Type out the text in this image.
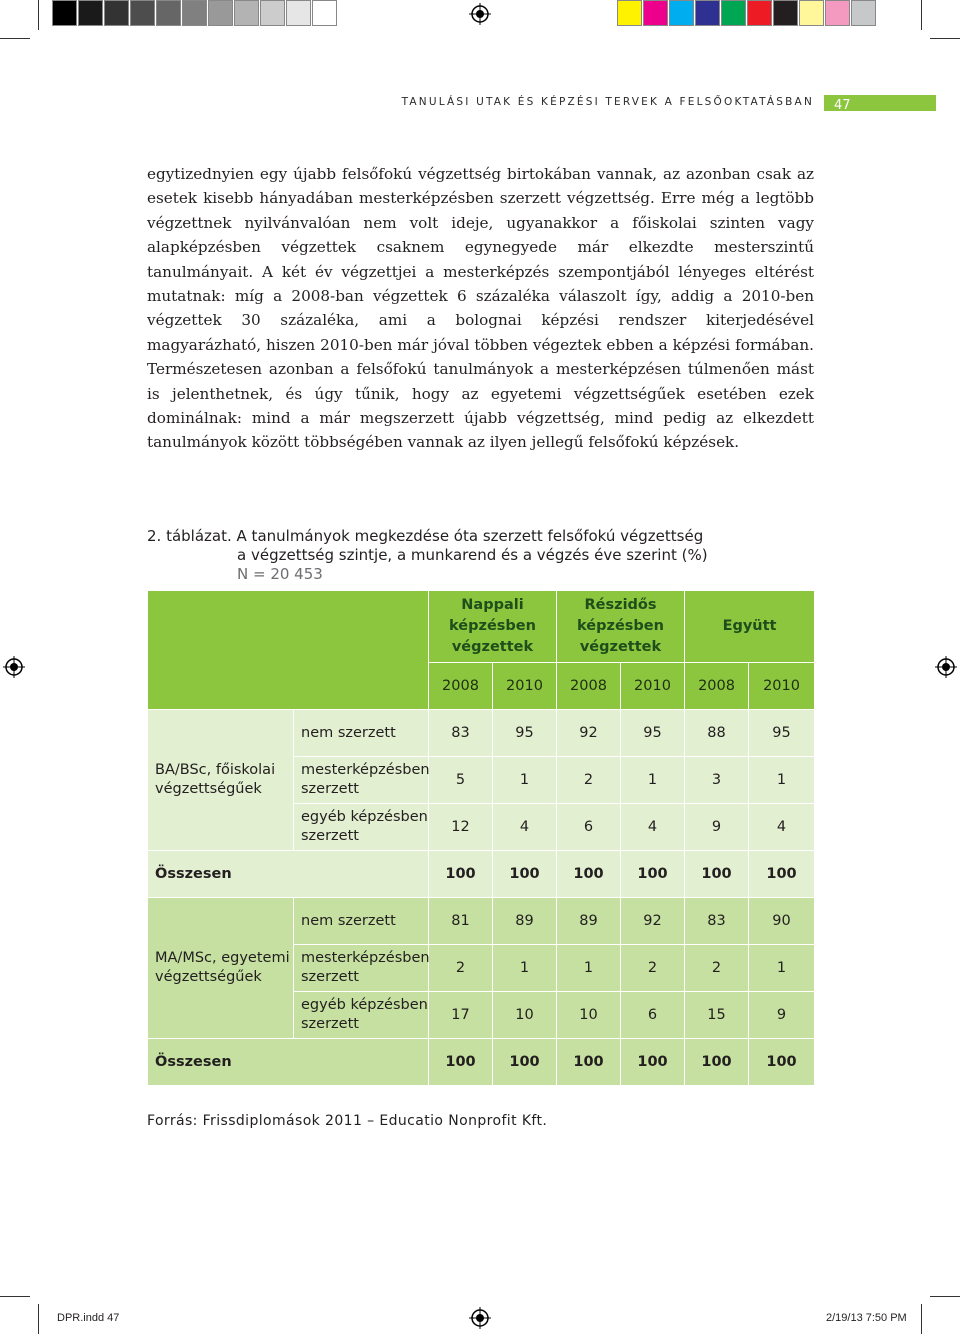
TANULÁSI UTAK ÉS KÉPZÉSI TERVEK A FELSŐOKTATÁSBAN	47

egytizednyien egy újabb felsőfokú végzettség birtokában vannak, az azonban csak az esetek kisebb hányadában mesterképzésben szerzett végzettség. Erre még a legtöbb végzettnek nyilvánvalóan nem volt ideje, ugyanakkor a főiskolai szinten vagy alapképzésben végzettek csaknem egynegyede már elkezdte mesterszintű tanulmányait. A két év végzettjei a mesterképzés szempontjából lényeges eltérést mutatnak: míg a 2008-ban végzettek 6 százaléka válaszolt így, addig a 2010-ben végzettek 30 százaléka, ami a bolognai képzési rendszer kiterjedésével magyarázható, hiszen 2010-ben már jóval többen végeztek ebben a képzési formában. Természetesen azonban a felsőfokú tanulmányok a mesterképzésen túlmenően mást is jelenthetnek, és úgy tűnik, hogy az egyetemi végzettségűek esetében ezek dominálnak: mind a már megszerzett újabb végzettség, mind pedig az elkezdett tanulmányok között többségében vannak az ilyen jellegű felsőfokú képzések.

2. táblázat. A tanulmányok megkezdése óta szerzett felsőfokú végzettség
a végzettség szintje, a munkarend és a végzés éve szerint (%)
N = 20 453
		Nappali képzésben végzettek		Részidős képzésben végzettek		Együtt	
		2008	2010	2008	2010	2008	2010
BA/BSc, főiskolai végzettségűek	nem szerzett	83	95	92	95	88	95
	mesterképzésben szerzett	5	1	2	1	3	1
	egyéb képzésben szerzett	12	4	6	4	9	4
Összesen		100	100	100	100	100	100
MA/MSc, egyetemi végzettségűek	nem szerzett	81	89	89	92	83	90
	mesterképzésben szerzett	2	1	1	2	2	1
	egyéb képzésben szerzett	17	10	10	6	15	9
Összesen		100	100	100	100	100	100
Forrás: Frissdiplomások 2011 – Educatio Nonprofit Kft.
DPR.indd 47	2/19/13 7:50 PM
